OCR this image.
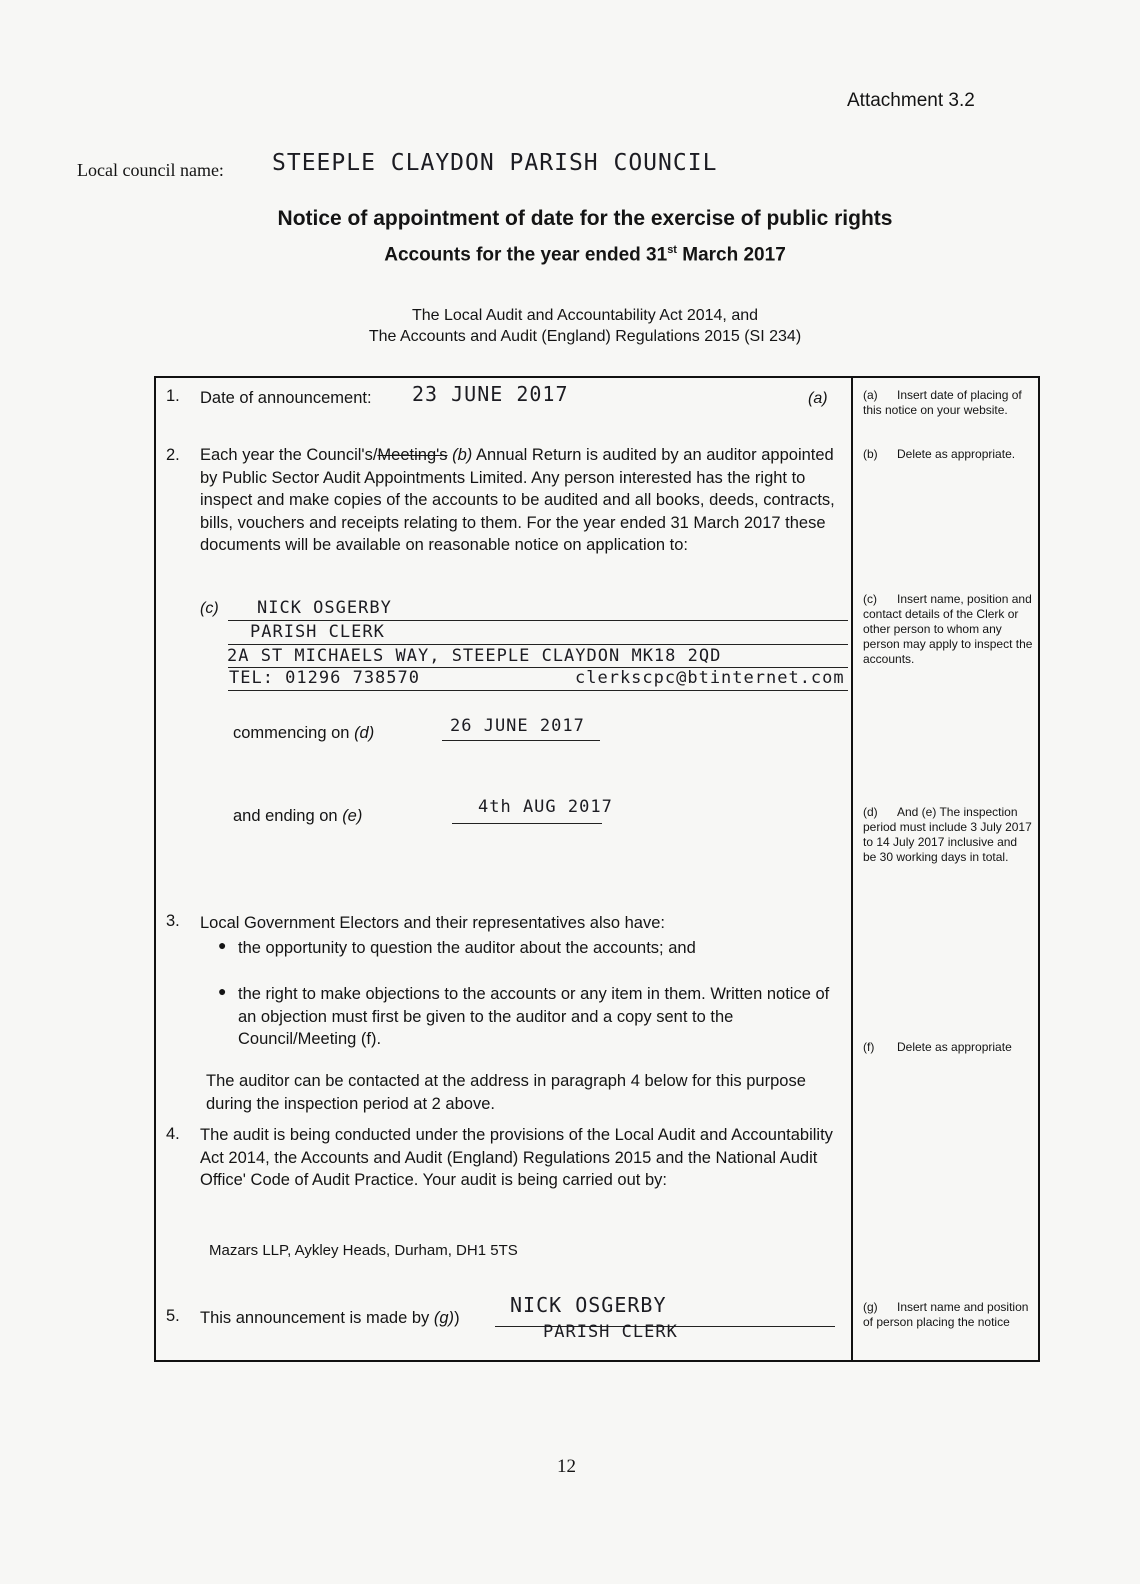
Attachment 3.2
Local council name: STEEPLE CLAYDON PARISH COUNCIL
Notice of appointment of date for the exercise of public rights
Accounts for the year ended 31st March 2017
The Local Audit and Accountability Act 2014, and
The Accounts and Audit (England) Regulations 2015 (SI 234)
1. Date of announcement: 23 JUNE 2017	(a)
2. Each year the Council's/Meeting's (b) Annual Return is audited by an auditor appointed by Public Sector Audit Appointments Limited. Any person interested has the right to inspect and make copies of the accounts to be audited and all books, deeds, contracts, bills, vouchers and receipts relating to them. For the year ended 31 March 2017 these documents will be available on reasonable notice on application to:
(c) NICK OSGERBY
PARISH CLERK
2A ST MICHAELS WAY, STEEPLE CLAYDON MK18 2QD
TEL: 01296 738570	clerkscpc@btinternet.com
commencing on (d)	26 JUNE 2017
and ending on (e)	4th AUG 2017
3. Local Government Electors and their representatives also have:
● the opportunity to question the auditor about the accounts; and
● the right to make objections to the accounts or any item in them. Written notice of an objection must first be given to the auditor and a copy sent to the Council/Meeting (f).
The auditor can be contacted at the address in paragraph 4 below for this purpose during the inspection period at 2 above.
4. The audit is being conducted under the provisions of the Local Audit and Accountability Act 2014, the Accounts and Audit (England) Regulations 2015 and the National Audit Office' Code of Audit Practice. Your audit is being carried out by:
Mazars LLP, Aykley Heads, Durham, DH1 5TS
5. This announcement is made by (g))
NICK OSGERBY
PARISH CLERK
(a) Insert date of placing of this notice on your website.
(b) Delete as appropriate.
(c) Insert name, position and contact details of the Clerk or other person to whom any person may apply to inspect the accounts.
(d) And (e) The inspection period must include 3 July 2017 to 14 July 2017 inclusive and be 30 working days in total.
(f) Delete as appropriate
(g) Insert name and position of person placing the notice
12
